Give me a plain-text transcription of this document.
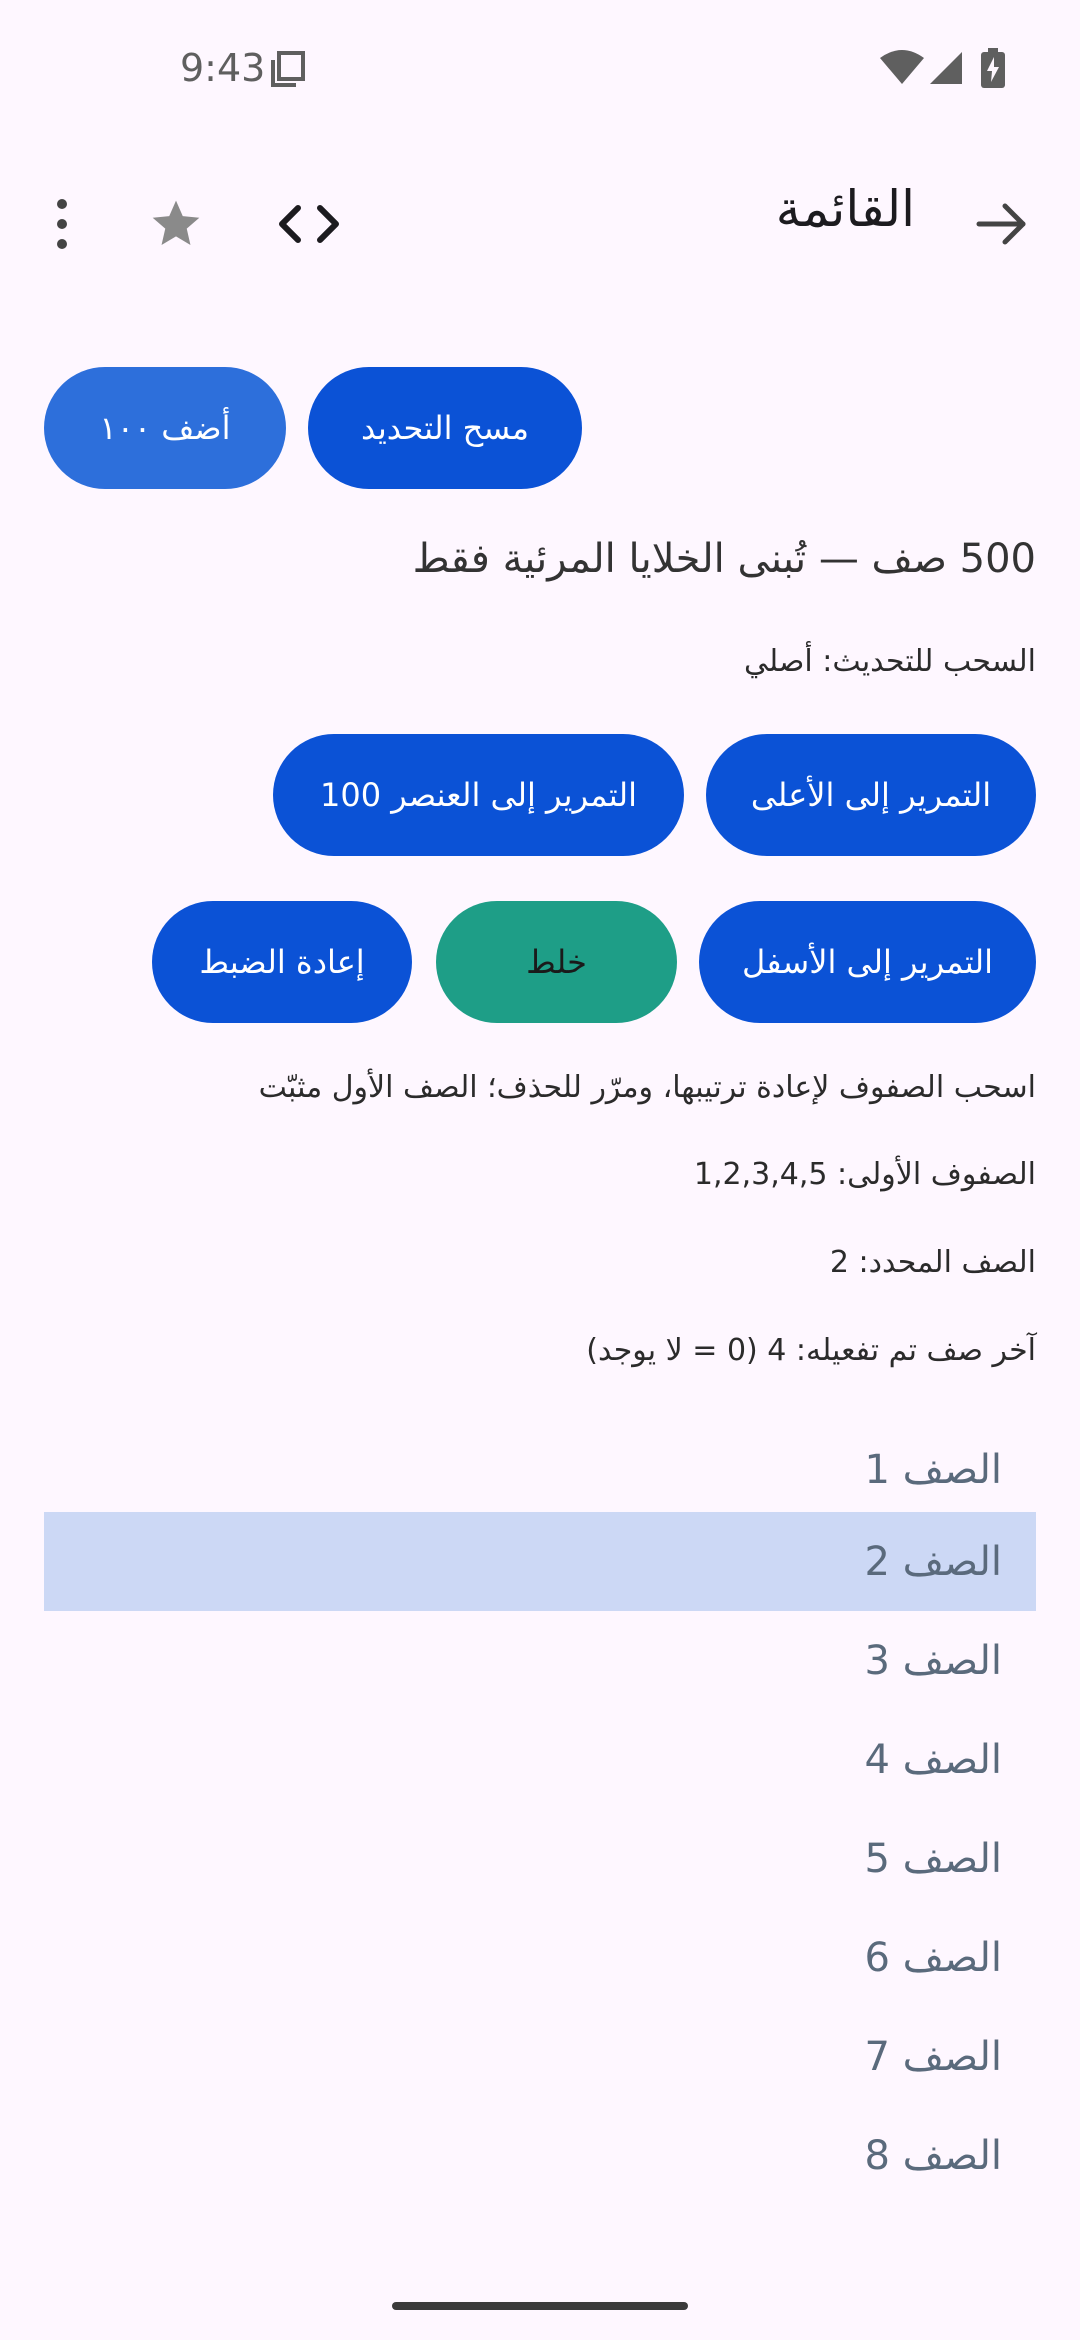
9:43
القائمة
أضف ١٠٠	مسح التحديد
500 صف — تُبنى الخلايا المرئية فقط
السحب للتحديث: أصلي
التمرير إلى الأعلى
التمرير إلى العنصر 100
التمرير إلى الأسفل
خلط
إعادة الضبط
اسحب الصفوف لإعادة ترتيبها، ومرّر للحذف؛ الصف الأول مثبّت
الصفوف الأولى: 1,2,3,4,5
الصف المحدد: 2
آخر صف تم تفعيله: 4 (0 = لا يوجد)
الصف 1
الصف 2
الصف 3
الصف 4
الصف 5
الصف 6
الصف 7
الصف 8
